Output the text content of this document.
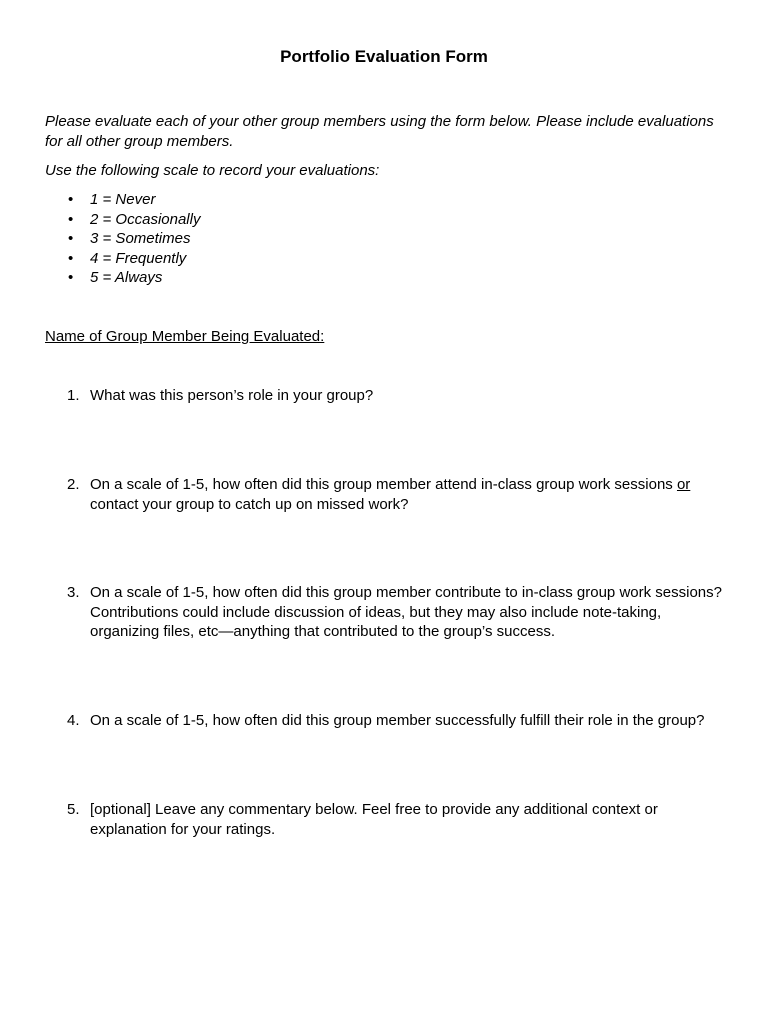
Portfolio Evaluation Form

Please evaluate each of your other group members using the form below. Please include evaluations for all other group members.

Use the following scale to record your evaluations:

• 1 = Never
• 2 = Occasionally
• 3 = Sometimes
• 4 = Frequently
• 5 = Always
Name of Group Member Being Evaluated:
1. What was this person’s role in your group?
2. On a scale of 1-5, how often did this group member attend in-class group work sessions or contact your group to catch up on missed work?
3. On a scale of 1-5, how often did this group member contribute to in-class group work sessions? Contributions could include discussion of ideas, but they may also include note-taking, organizing files, etc—anything that contributed to the group’s success.
4. On a scale of 1-5, how often did this group member successfully fulfill their role in the group?
5. [optional] Leave any commentary below. Feel free to provide any additional context or explanation for your ratings.
